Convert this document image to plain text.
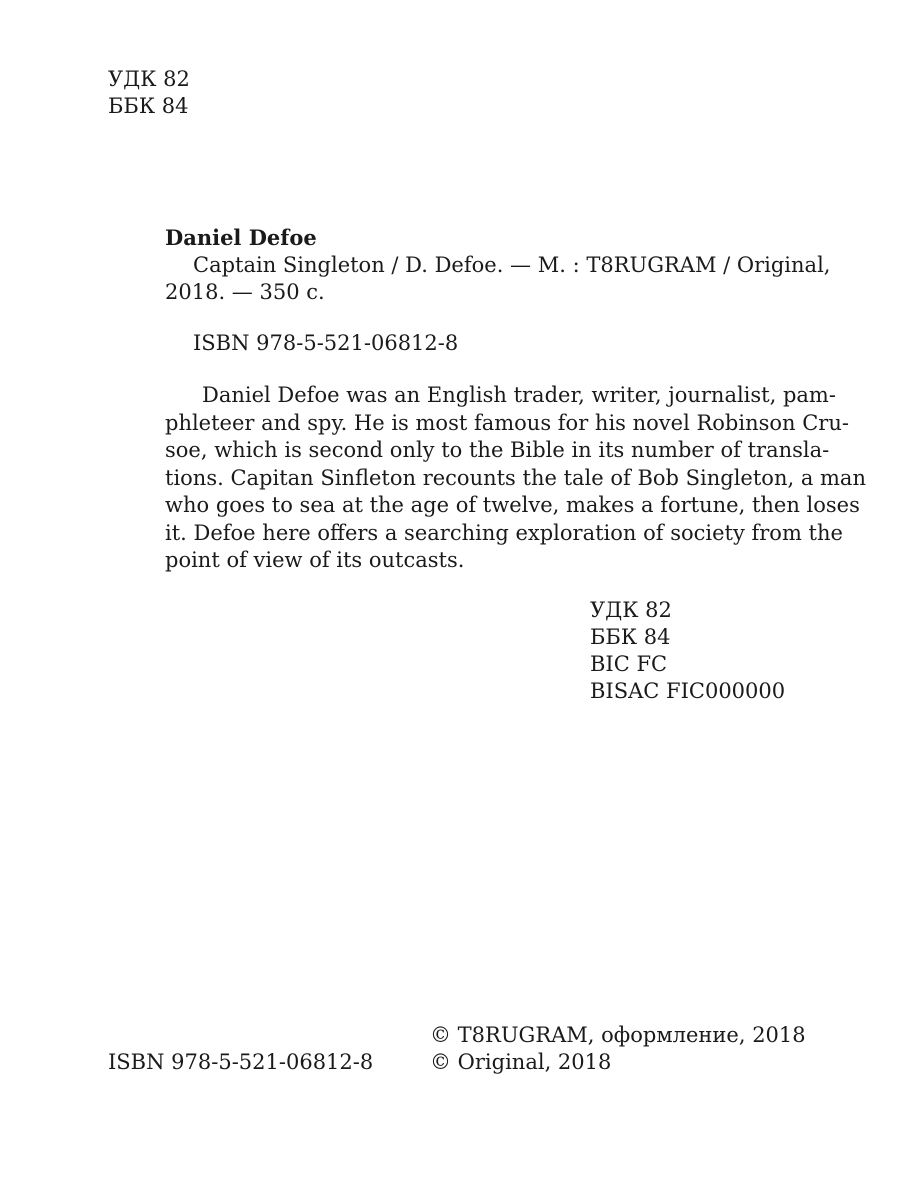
УДК 82
ББК 84
Daniel Defoe
Captain Singleton / D. Defoe. — M. : T8RUGRAM / Original,
2018. — 350 c.
ISBN 978-5-521-06812-8
Daniel Defoe was an English trader, writer, journalist, pam-
phleteer and spy. He is most famous for his novel Robinson Cru-
soe, which is second only to the Bible in its number of transla-
tions. Capitan Sinfleton recounts the tale of Bob Singleton, a man
who goes to sea at the age of twelve, makes a fortune, then loses
it. Defoe here offers a searching exploration of society from the
point of view of its outcasts.
УДК 82
ББК 84
BIC FC
BISAC FIC000000
ISBN 978-5-521-06812-8
© T8RUGRAM, оформление, 2018
© Original, 2018
